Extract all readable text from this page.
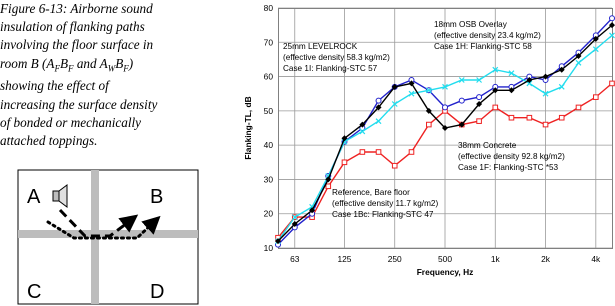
Figure 6-13: Airborne sound
insulation of flanking paths
involving the floor surface in
room B ($A_FB_F$ and $A_WB_F$)
showing the effect of
increasing the surface density
of bonded or mechanically
attached toppings.
A	B
C	D
10
20
30
40
50
60
70
80
63	125	250	500	1k	2k	4k
Flanking-TL, dB
Frequency, Hz
18mm OSB Overlay
(effective density 23.4 kg/m2)
Case 1H: Flanking-STC 58
25mm LEVELROCK
(effective density 58.3 kg/m2)
Case 1I: Flanking-STC 57
38mm Concrete
(effective density 92.8 kg/m2)
Case 1F: Flanking-STC *53
Reference, Bare floor
(effective density 11.7 kg/m2)
Case 1Bc: Flanking-STC 47
